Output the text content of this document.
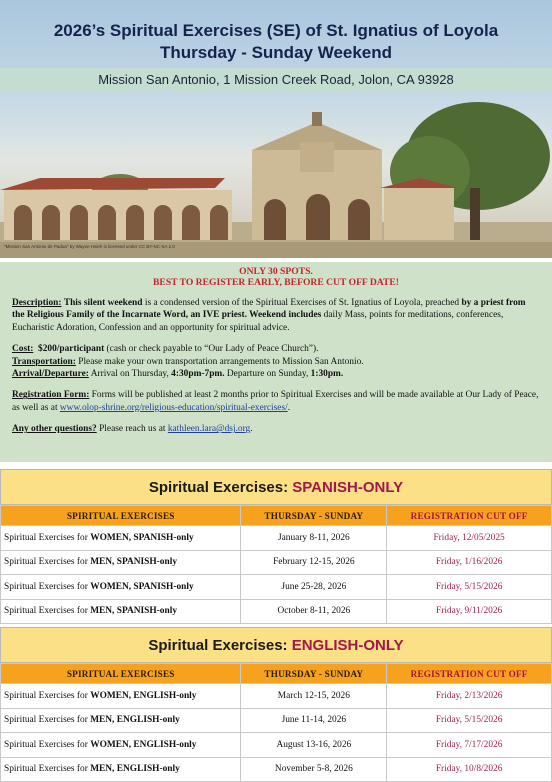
2026’s Spiritual Exercises (SE) of St. Ignatius of Loyola
Thursday - Sunday Weekend
Mission San Antonio, 1 Mission Creek Road, Jolon, CA 93928
"Mission San Antonio de Padua" by Wayne Hsieh is licensed under CC BY-NC-SA 2.0
ONLY 30 SPOTS.
BEST TO REGISTER EARLY, BEFORE CUT OFF DATE!

Description: This silent weekend is a condensed version of the Spiritual Exercises of St. Ignatius of Loyola, preached by a priest from the Religious Family of the Incarnate Word, an IVE priest. Weekend includes daily Mass, points for meditations, conferences, Eucharistic Adoration, Confession and an opportunity for spiritual advice.

Cost: $200/participant (cash or check payable to “Our Lady of Peace Church”).

Transportation: Please make your own transportation arrangements to Mission San Antonio.

Arrival/Departure: Arrival on Thursday, 4:30pm-7pm. Departure on Sunday, 1:30pm.

Registration Form: Forms will be published at least 2 months prior to Spiritual Exercises and will be made available at Our Lady of Peace, as well as at www.olop-shrine.org/religious-education/spiritual-exercises/.

Any other questions? Please reach us at kathleen.lara@dsj.org.

Spiritual Exercises: SPANISH-ONLY
SPIRITUAL EXERCISES	THURSDAY - SUNDAY	REGISTRATION CUT OFF
Spiritual Exercises for WOMEN, SPANISH-only	January 8-11, 2026	Friday, 12/05/2025
Spiritual Exercises for MEN, SPANISH-only	February 12-15, 2026	Friday, 1/16/2026
Spiritual Exercises for WOMEN, SPANISH-only	June 25-28, 2026	Friday, 5/15/2026
Spiritual Exercises for MEN, SPANISH-only	October 8-11, 2026	Friday, 9/11/2026
Spiritual Exercises: ENGLISH-ONLY
SPIRITUAL EXERCISES	THURSDAY - SUNDAY	REGISTRATION CUT OFF
Spiritual Exercises for WOMEN, ENGLISH-only	March 12-15, 2026	Friday, 2/13/2026
Spiritual Exercises for MEN, ENGLISH-only	June 11-14, 2026	Friday, 5/15/2026
Spiritual Exercises for WOMEN, ENGLISH-only	August 13-16, 2026	Friday, 7/17/2026
Spiritual Exercises for MEN, ENGLISH-only	November 5-8, 2026	Friday, 10/8/2026
